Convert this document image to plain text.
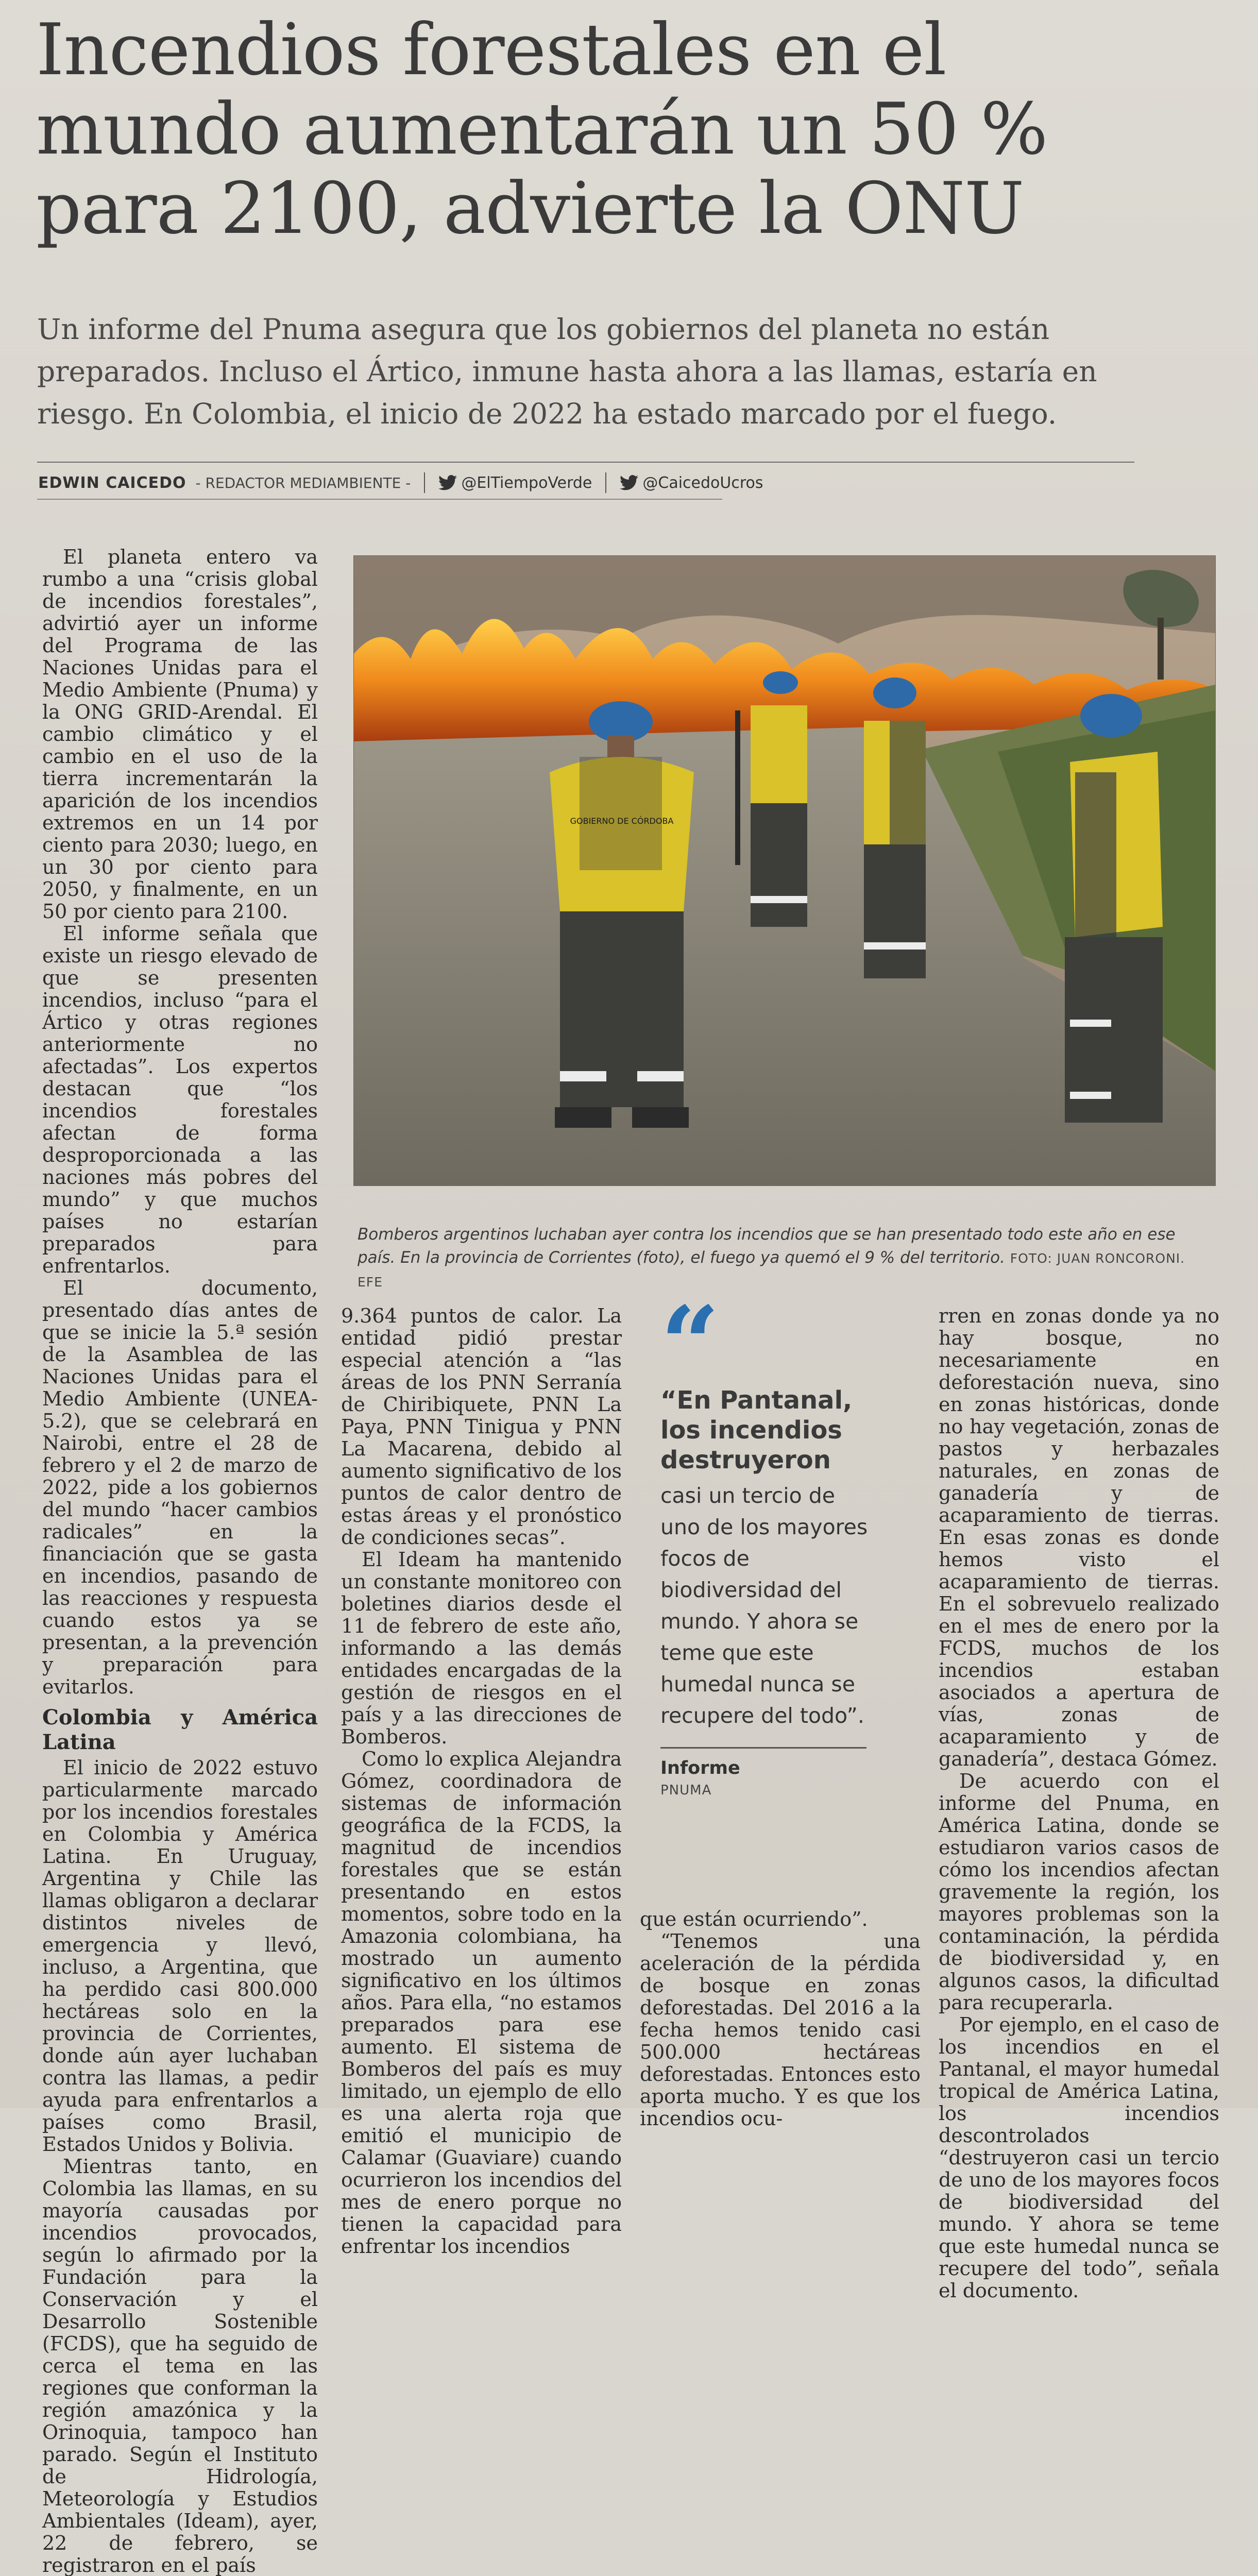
Incendios forestales en el mundo aumentarán un 50 % para 2100, advierte la ONU

Un informe del Pnuma asegura que los gobiernos del planeta no están preparados. Incluso el Ártico, inmune hasta ahora a las llamas, estaría en riesgo. En Colombia, el inicio de 2022 ha estado marcado por el fuego.

EDWIN CAICEDO - REDACTOR MEDIAMBIENTE -	@ElTiempoVerde	@CaicedoUcros

El planeta entero va rumbo a una “crisis global de incendios forestales”, advirtió ayer un informe del Programa de las Naciones Unidas para el Medio Ambiente (Pnuma) y la ONG GRID-Arendal. El cambio climático y el cambio en el uso de la tierra incrementarán la aparición de los incendios extremos en un 14 por ciento para 2030; luego, en un 30 por ciento para 2050, y finalmente, en un 50 por ciento para 2100.

El informe señala que existe un riesgo elevado de que se presenten incendios, incluso “para el Ártico y otras regiones anteriormente no afectadas”. Los expertos destacan que “los incendios forestales afectan de forma desproporcionada a las naciones más pobres del mundo” y que muchos países no estarían preparados para enfrentarlos.

El documento, presentado días antes de que se inicie la 5.ª sesión de la Asamblea de las Naciones Unidas para el Medio Ambiente (UNEA-5.2), que se celebrará en Nairobi, entre el 28 de febrero y el 2 de marzo de 2022, pide a los gobiernos del mundo “hacer cambios radicales” en la financiación que se gasta en incendios, pasando de las reacciones y respuesta cuando estos ya se presentan, a la prevención y preparación para evitarlos.

Colombia y América Latina

El inicio de 2022 estuvo particularmente marcado por los incendios forestales en Colombia y América Latina. En Uruguay, Argentina y Chile las llamas obligaron a declarar distintos niveles de emergencia y llevó, incluso, a Argentina, que ha perdido casi 800.000 hectáreas solo en la provincia de Corrientes, donde aún ayer luchaban contra las llamas, a pedir ayuda para enfrentarlos a países como Brasil, Estados Unidos y Bolivia.

Mientras tanto, en Colombia las llamas, en su mayoría causadas por incendios provocados, según lo afirmado por la Fundación para la Conservación y el Desarrollo Sostenible (FCDS), que ha seguido de cerca el tema en las regiones que conforman la región amazónica y la Orinoquia, tampoco han parado. Según el Instituto de Hidrología, Meteorología y Estudios Ambientales (Ideam), ayer, 22 de febrero, se registraron en el país

GOBIERNO DE CÓRDOBA
Bomberos argentinos luchaban ayer contra los incendios que se han presentado todo este año en ese país. En la provincia de Corrientes (foto), el fuego ya quemó el 9 % del territorio. FOTO: JUAN RONCORONI. EFE

9.364 puntos de calor. La entidad pidió prestar especial atención a “las áreas de los PNN Serranía de Chiribiquete, PNN La Paya, PNN Tinigua y PNN La Macarena, debido al aumento significativo de los puntos de calor dentro de estas áreas y el pronóstico de condiciones secas”.

El Ideam ha mantenido un constante monitoreo con boletines diarios desde el 11 de febrero de este año, informando a las demás entidades encargadas de la gestión de riesgos en el país y a las direcciones de Bomberos.

Como lo explica Alejandra Gómez, coordinadora de sistemas de información geográfica de la FCDS, la magnitud de incendios forestales que se están presentando en estos momentos, sobre todo en la Amazonia colombiana, ha mostrado un aumento significativo en los últimos años. Para ella, “no estamos preparados para ese aumento. El sistema de Bomberos del país es muy limitado, un ejemplo de ello es una alerta roja que emitió el municipio de Calamar (Guaviare) cuando ocurrieron los incendios del mes de enero porque no tienen la capacidad para enfrentar los incendios

“
“En Pantanal, los incendios destruyeron
casi un tercio de uno de los mayores focos de biodiversidad del mundo. Y ahora se teme que este humedal nunca se recupere del todo”.
Informe
PNUMA

que están ocurriendo”.

“Tenemos una aceleración de la pérdida de bosque en zonas deforestadas. Del 2016 a la fecha hemos tenido casi 500.000 hectáreas deforestadas. Entonces esto aporta mucho. Y es que los incendios ocu-

rren en zonas donde ya no hay bosque, no necesariamente en deforestación nueva, sino en zonas históricas, donde no hay vegetación, zonas de pastos y herbazales naturales, en zonas de ganadería y de acaparamiento de tierras. En esas zonas es donde hemos visto el acaparamiento de tierras. En el sobrevuelo realizado en el mes de enero por la FCDS, muchos de los incendios estaban asociados a apertura de vías, zonas de acaparamiento y de ganadería”, destaca Gómez.

De acuerdo con el informe del Pnuma, en América Latina, donde se estudiaron varios casos de cómo los incendios afectan gravemente la región, los mayores problemas son la contaminación, la pérdida de biodiversidad y, en algunos casos, la dificultad para recuperarla.

Por ejemplo, en el caso de los incendios en el Pantanal, el mayor humedal tropical de América Latina, los incendios descontrolados “destruyeron casi un tercio de uno de los mayores focos de biodiversidad del mundo. Y ahora se teme que este humedal nunca se recupere del todo”, señala el documento.
